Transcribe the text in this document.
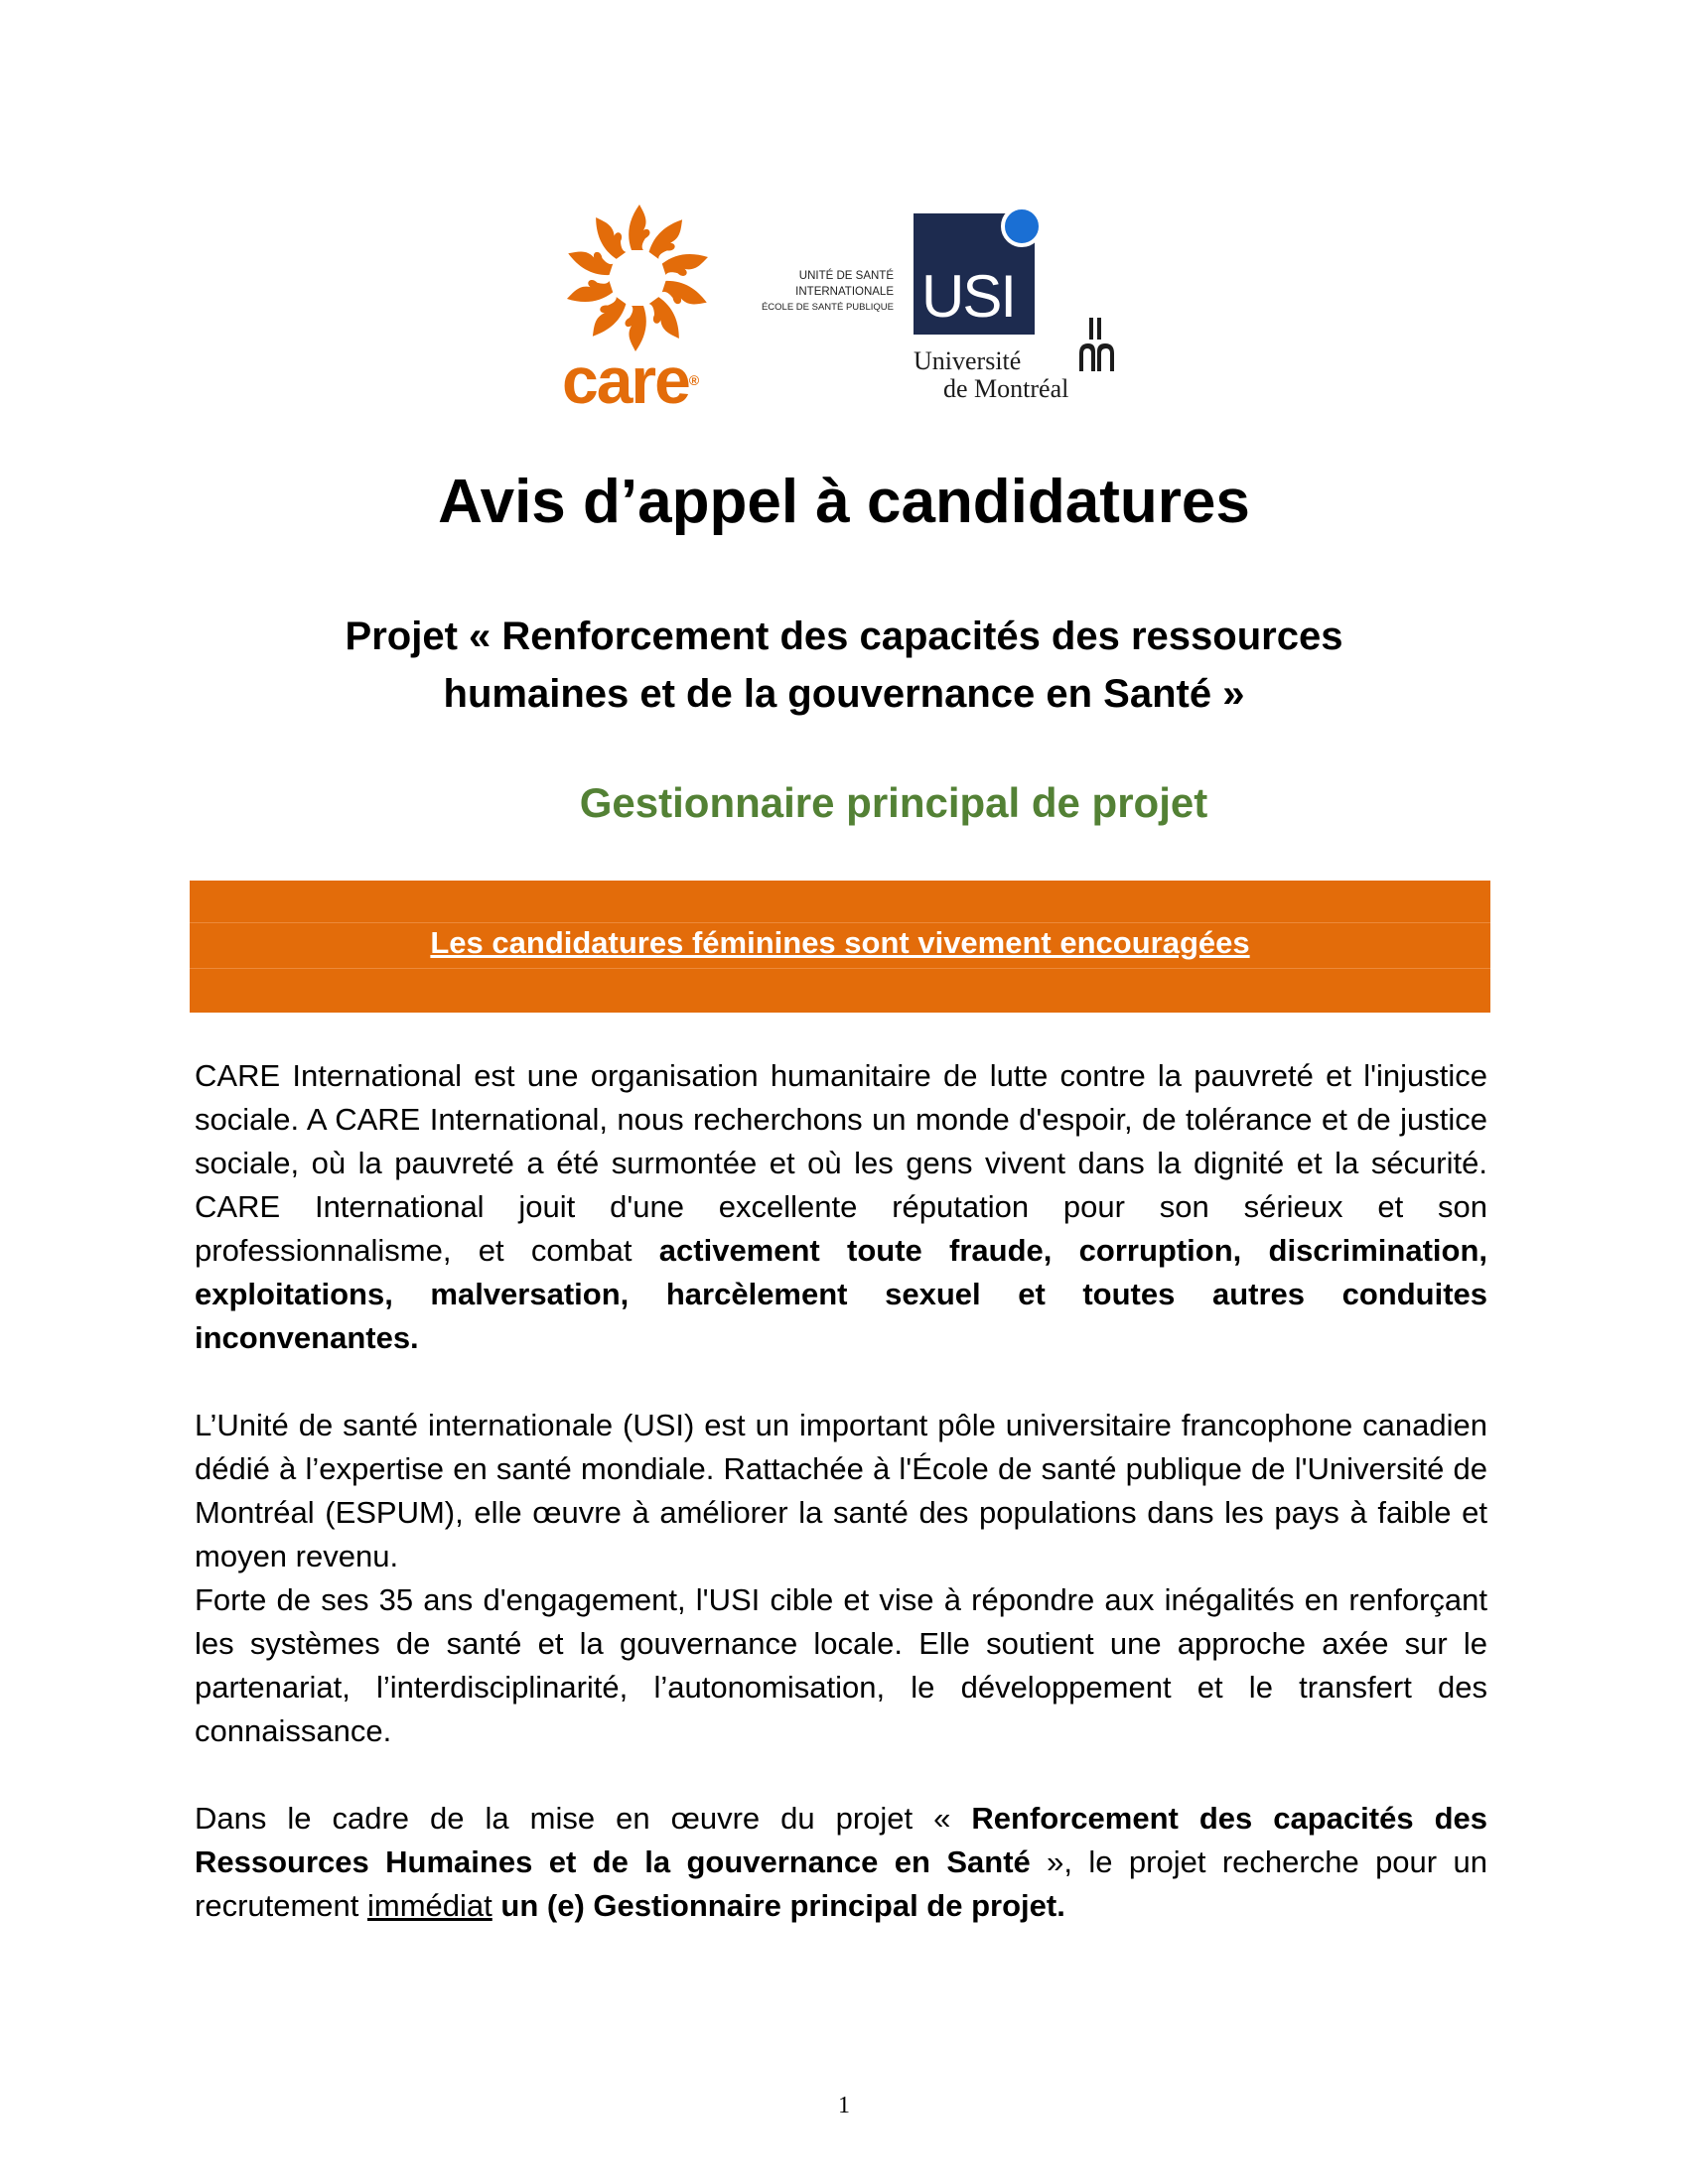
care®
UNITÉ DE SANTÉ
INTERNATIONALE
ÉCOLE DE SANTÉ PUBLIQUE USI
Université
de Montréal
Avis d’appel à candidatures
Projet « Renforcement des capacités des ressources
humaines et de la gouvernance en Santé »
Gestionnaire principal de projet
Les candidatures féminines sont vivement encouragées

CARE International est une organisation humanitaire de lutte contre la pauvreté et l'injustice sociale. A CARE International, nous recherchons un monde d'espoir, de tolérance et de justice sociale, où la pauvreté a été surmontée et où les gens vivent dans la dignité et la sécurité. CARE International jouit d'une excellente réputation pour son sérieux et son professionnalisme, et combat activement toute fraude, corruption, discrimination, exploitations, malversation, harcèlement sexuel et toutes autres conduites inconvenantes.

L’Unité de santé internationale (USI) est un important pôle universitaire francophone canadien dédié à l’expertise en santé mondiale. Rattachée à l'École de santé publique de l'Université de Montréal (ESPUM), elle œuvre à améliorer la santé des populations dans les pays à faible et moyen revenu.

Forte de ses 35 ans d'engagement, l'USI cible et vise à répondre aux inégalités en renforçant les systèmes de santé et la gouvernance locale. Elle soutient une approche axée sur le partenariat, l’interdisciplinarité, l’autonomisation, le développement et le transfert des connaissance.

Dans le cadre de la mise en œuvre du projet « Renforcement des capacités des Ressources Humaines et de la gouvernance en Santé », le projet recherche pour un recrutement immédiat un (e) Gestionnaire principal de projet.

1
